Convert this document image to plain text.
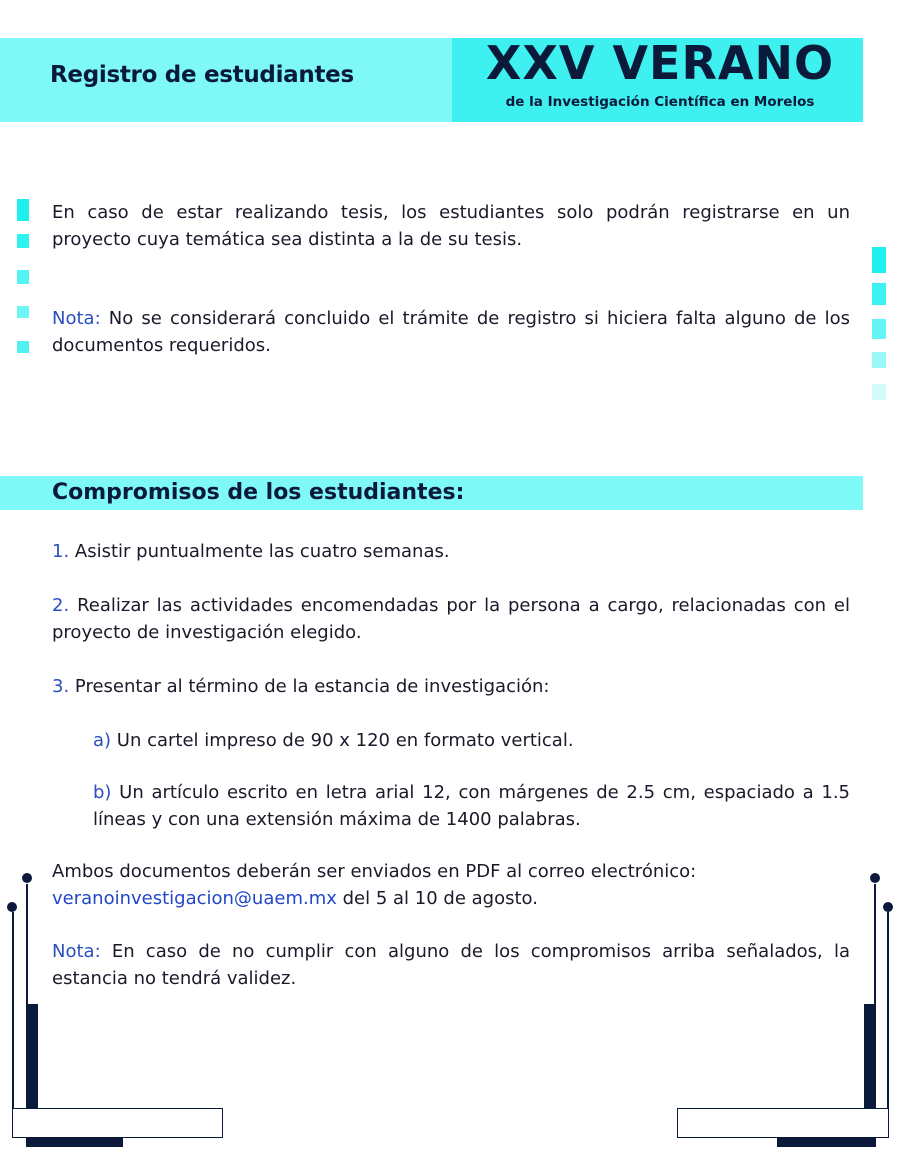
Registro de estudiantes	XXV VERANO
de la Investigación Científica en Morelos
En caso de estar realizando tesis, los estudiantes solo podrán registrarse en un proyecto cuya temática sea distinta a la de su tesis.
Nota: No se considerará concluido el trámite de registro si hiciera falta alguno de los documentos requeridos.
Compromisos de los estudiantes:
1. Asistir puntualmente las cuatro semanas.
2. Realizar las actividades encomendadas por la persona a cargo, relacionadas con el proyecto de investigación elegido.
3. Presentar al término de la estancia de investigación:
a) Un cartel impreso de 90 x 120 en formato vertical.
b) Un artículo escrito en letra arial 12, con márgenes de 2.5 cm, espaciado a 1.5 líneas y con una extensión máxima de 1400 palabras.
Ambos documentos deberán ser enviados en PDF al correo electrónico:
veranoinvestigacion@uaem.mx del 5 al 10 de agosto.
Nota: En caso de no cumplir con alguno de los compromisos arriba señalados, la estancia no tendrá validez.
